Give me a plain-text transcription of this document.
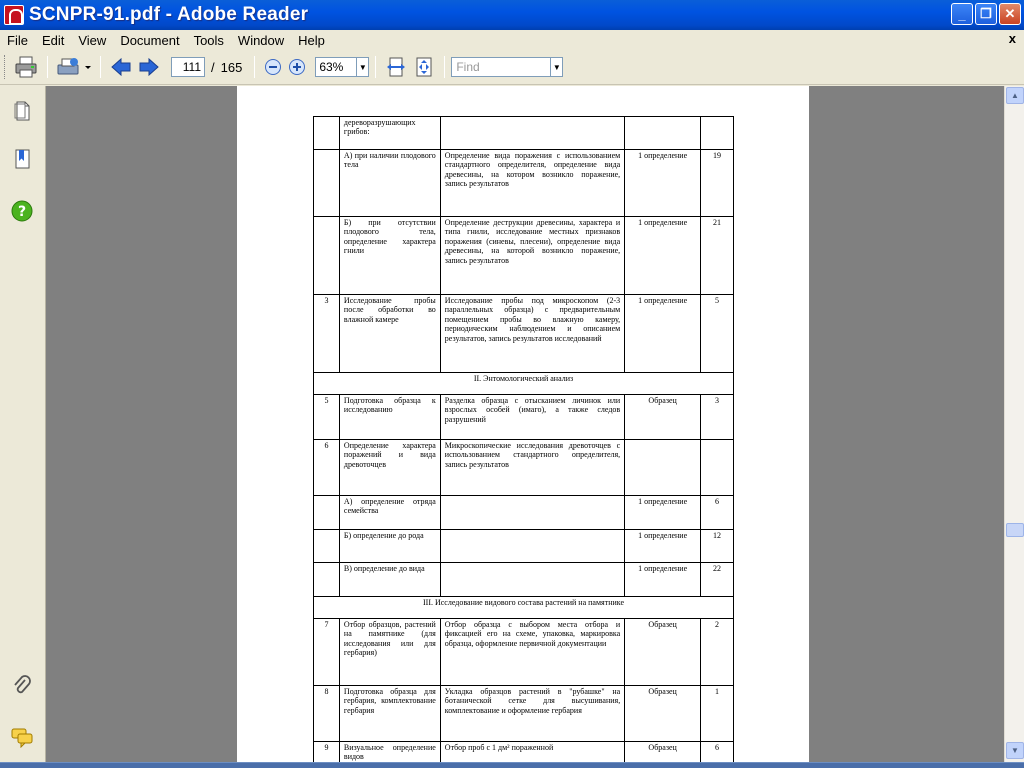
SCNPR-91.pdf - Adobe Reader	_	❐ ✕
File	Edit	View	Document	Tools	Window	Help	x
111 / 165	63%	▼	Find	▼
?
	дереворазрушающих грибов:			
	А) при наличии плодового тела	Определение вида поражения с использованием стандартного определителя, определение вида древесины, на котором возникло поражение, запись результатов	1 определение	19
	Б) при отсутствии плодового тела, определение характера гнили	Определение деструкции древесины, характера и типа гнили, исследование местных признаков поражения (синевы, плесени), определение вида древесины, на которой возникло поражение, запись результатов	1 определение	21
3	Исследование пробы после обработки во влажной камере	Исследование пробы под микроскопом (2-3 параллельных образца) с предварительным помещением пробы во влажную камеру, периодическим наблюдением и описанием результатов, запись результатов исследований	1 определение	5
II. Энтомологический анализ				
5	Подготовка образца к исследованию	Разделка образца с отысканием личинок или взрослых особей (имаго), а также следов разрушений	Образец	3
6	Определение характера поражений и вида древоточцев	Микроскопические исследования древоточцев с использованием стандартного определителя, запись результатов		
	А) определение отряда семейства		1 определение	6
	Б) определение до рода		1 определение	12
	В) определение до вида		1 определение	22
III. Исследование видового состава растений на памятнике				
7	Отбор образцов, растений на памятнике (для исследования или для гербария)	Отбор образца с выбором места отбора и фиксацией его на схеме, упаковка, маркировка образца, оформление первичной документации	Образец	2
8	Подготовка образца для гербария, комплектование гербария	Укладка образцов растений в "рубашке" на ботанической сетке для высушивания, комплектование и оформление гербария	Образец	1
9	Визуальное определение видов	Отбор проб с 1 дм² пораженной	Образец	6
▲
▼
